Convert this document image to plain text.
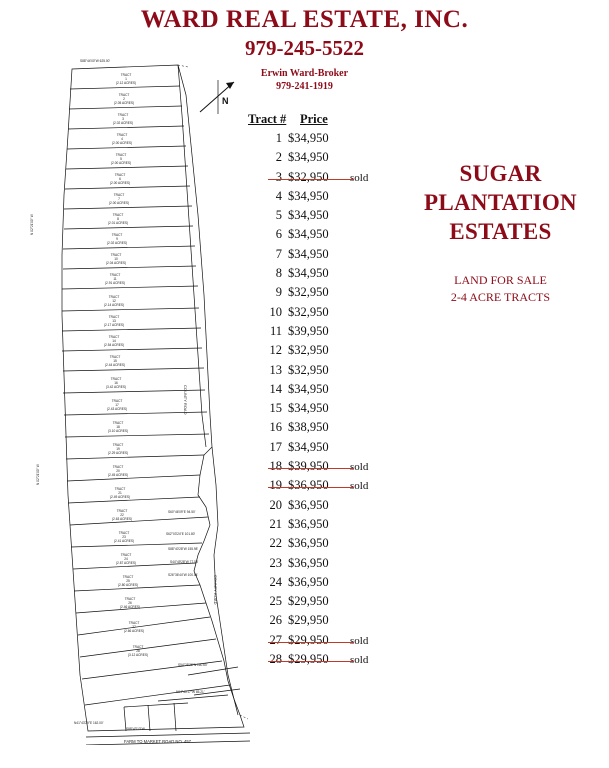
WARD REAL ESTATE, INC.
979-245-5522
Erwin Ward-Broker
979-241-1919
N
SUGAR
PLANTATION
ESTATES
LAND FOR SALE
2-4 ACRE TRACTS
Tract #	Price
1 $34,950
2 $34,950
3 $32,950	sold
4 $34,950
5 $34,950
6 $34,950
7 $34,950
8 $34,950
9 $32,950
10 $32,950
11 $39,950
12 $32,950
13 $32,950
14 $34,950
15 $34,950
16 $38,950
17 $34,950
18 $39,950	sold
19 $36,950	sold
20 $36,950
21 $36,950
22 $36,950
23 $36,950
24 $36,950
25 $29,950
26 $29,950
27 $29,950	sold
28 $29,950	sold
S88°44'00"W 625.00'
N 02°21'00" W
N 02°21'00" W
COUNTY ROAD
COUNTY ROAD
FARM TO MARKET ROAD NO. 457
N41°43'29"E 162.00'
S88°43'13"W
S60°46'09"E 94.50'
S62°03'24"E 101.80'
S88°40'28"W 155.98'
S44°49'28"W 77.54'
S26°36'44"W 100.54'
S54°25'26"N 160.60'
N64°45'17"W 85.21'
TRACT
1
(2.12 ACRES)
TRACT
2
(2.05 ACRES)
TRACT
3
(2.02 ACRES)
TRACT
4
(2.00 ACRES)
TRACT
5
(2.00 ACRES)
TRACT
6
(2.00 ACRES)
TRACT
7
(2.00 ACRES)
TRACT
8
(2.01 ACRES)
TRACT
9
(2.02 ACRES)
TRACT
10
(2.04 ACRES)
TRACT
11
(2.91 ACRES)
TRACT
12
(2.14 ACRES)
TRACT
13
(2.17 ACRES)
TRACT
14
(2.54 ACRES)
TRACT
15
(2.44 ACRES)
TRACT
16
(3.42 ACRES)
TRACT
17
(2.43 ACRES)
TRACT
18
(3.10 ACRES)
TRACT
19
(2.29 ACRES)
TRACT
20
(2.45 ACRES)
TRACT
21
(2.49 ACRES)
TRACT
22
(2.63 ACRES)
TRACT
23
(2.41 ACRES)
TRACT
24
(2.87 ACRES)
TRACT
25
(2.80 ACRES)
TRACT
26
(2.46 ACRES)
TRACT
27
(2.66 ACRES)
TRACT
28
(3.12 ACRES)
